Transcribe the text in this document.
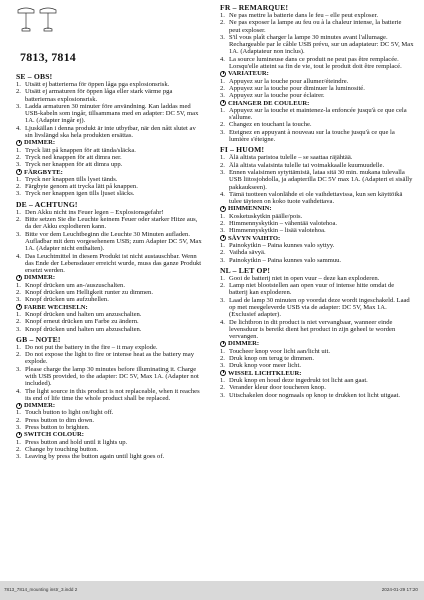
7813, 7814
SE – OBS!
1. Utsätt ej batterierna för öppen låga pga explosionsrisk.
2. Utsätt ej armaturen för öppen låga eller stark värme pga batteriernas explosionsrisk.
3. Ladda armaturen 30 minuter före användning. Kan laddas med USB-kabeln som ingår, tillsammans med en adapter: DC 5V, max 1A. (Adapter ingår ej).
4. Ljuskällan i denna produkt är inte utbytbar, när den nått slutet av sin livslängd ska hela produkten ersättas.
DIMMER:
1. Tryck lätt på knappen för att tända/släcka.
2. Tryck ned knappen för att dimra ner.
3. Tryck ner knappen för att dimra upp.
FÄRGBYTE:
1. Tryck ner knappen tills lyset tänds.
2. Färgbyte genom att trycka lätt på knappen.
3. Tryck ner knappen igen tills ljuset släcks.
DE – ACHTUNG!
1. Den Akku nicht ins Feuer legen – Explosionsgefahr!
2. Bitte setzen Sie die Leuchte keinem Feuer oder starker Hitze aus, da der Akku explodieren kann.
3. Bitte vor dem Leuchtbeginn die Leuchte 30 Minuten aufladen. Aufladbar mit dem vorgesehenem USB; zum Adapter DC 5V, Max 1A. (Adapter nicht enthalten).
4. Das Leuchtmittel in diesem Produkt ist nicht austauschbar. Wenn das Ende der Lebensdauer erreicht wurde, muss das ganze Produkt ersetzt werden.
DIMMER:
1. Knopf drücken um an-/auszuschalten.
2. Knopf drücken um Helligkeit runter zu dimmen.
3. Knopf drücken um aufzuhellen.
FARBE WECHSELN:
1. Knopf drücken und halten um anzuschalten.
2. Knopf erneut drücken um Farbe zu ändern.
3. Knopf drücken und halten um abzuschalten.
GB – NOTE!
1. Do not put the battery in the fire – it may explode.
2. Do not expose the light to fire or intense heat as the battery may explode.
3. Please charge the lamp 30 minutes before illuminating it. Charge with USB provided, to the adapter: DC 5V, Max 1A. (Adapter not included).
4. The light source in this product is not replaceable, when it reaches its end of life time the whole product shall be replaced.
DIMMER:
1. Touch button to light on/light off.
2. Press button to dim down.
3. Press button to brighten.
SWITCH COLOUR:
1. Press button and hold until it lights up.
2. Change by touching button.
3. Leaving by press the button again until light goes of.
FR – REMARQUE!
1. Ne pas mettre la batterie dans le feu – elle peut exploser.
2. Ne pas exposer la lampe au feu ou à la chaleur intense, la batterie peut exploser.
3. S'il vous plaît charger la lampe 30 minutes avant l'allumage. Rechargeable par le câble USB prévu, sur un adaptateur: DC 5V, Max 1A. (Adaptateur non inclus).
4. La source lumineuse dans ce produit ne peut pas être remplacée. Lorsqu'elle atteint sa fin de vie, tout le produit doit être remplacé.
VARIATEUR:
1. Appuyez sur la touche pour allumer/éteindre.
2. Appuyez sur la touche pour diminuer la luminosité.
3. Appuyez sur la touche pour éclairer.
CHANGER DE COULEUR:
1. Appuyez sur la touche et maintenez-la enfoncée jusqu'à ce que cela s'allume.
2. Changez en touchant la touche.
3. Eteignez en appuyant à nouveau sur la touche jusqu'à ce que la lumière s'éteigne.
FI – HUOM!
1. Älä altista paristoa tulelle – se saattaa räjähtää.
2. Älä altista valaisinta tulelle tai voimakkaalle kuumuudelle.
3. Ennen valaisimen sytyttämistä, lataa sitä 30 min. mukana tulevalla USB liitosjohdolla, ja adapterilla DC 5V max 1A. (Adapteri ei sisälly pakkaukseen).
4. Tämä tuotteen valonlähde ei ole vaihdettavissa, kun sen käyttöikä tulee täyteen on koko tuote vaihdettava.
HIMMENNIN:
1. Kosketuskytkin päälle/pois.
2. Himmennyskytkin – vähentää valotehoa.
3. Himmennyskytkin – lisää valotehoa.
SÄVYN VAIHTO:
1. Painokytkin – Paina kunnes valo syttyy.
2. Vaihda sävyä.
3. Painokytkin – Paina kunnes valo sammuu.
NL – LET OP!
1. Gooi de batterij niet in open vuur – deze kan exploderen.
2. Lamp niet blootstellen aan open vuur of intense hitte omdat de batterij kan exploderen.
3. Laad de lamp 30 minuten op voordat deze wordt ingeschakeld. Laad op met meegeleverde USB via de adapter: DC 5V, Max 1A. (Exclusief adapter).
4. De lichtbron in dit product is niet vervangbaar, wanneer einde levensduur is bereikt dient het product in zijn geheel te worden vervangen.
DIMMER:
1. Toucheer knop voor licht aan/licht uit.
2. Druk knop om terug te dimmen.
3. Druk knop voor meer licht.
WISSEL LICHTKLEUR:
1. Druk knop en houd deze ingedrukt tot licht aan gaat.
2. Verander kleur door toucheren knop.
3. Uitschakelen door nogmaals op knop te drukken tot licht uitgaat.
7813_7814_mounting instr_3.indd 2	2024-01-29 17:20
